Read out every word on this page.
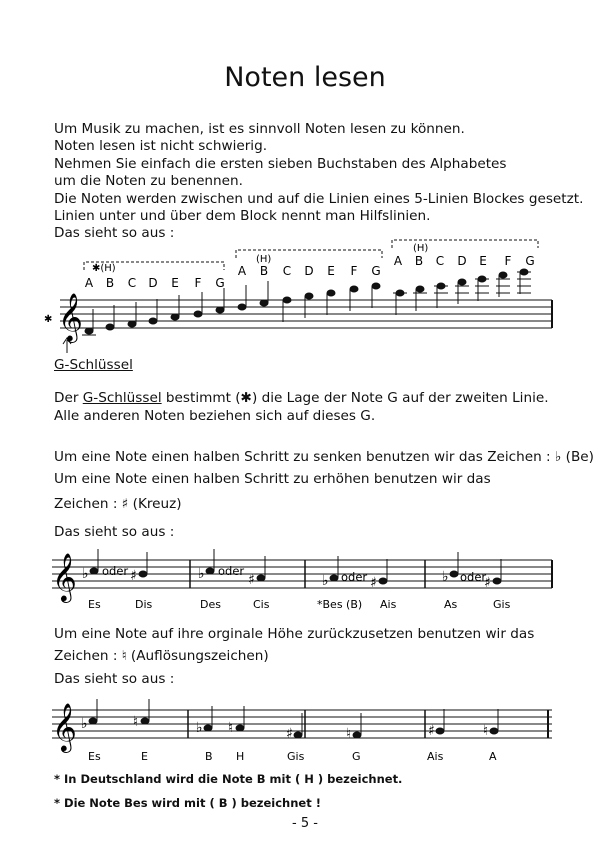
Noten lesen
Um Musik zu machen, ist es sinnvoll Noten lesen zu können.
Noten lesen ist nicht schwierig.
Nehmen Sie einfach die ersten sieben Buchstaben des Alphabetes
um die Noten zu benennen.
Die Noten werden zwischen und auf die Linien eines 5-Linien Blockes gesetzt.
Linien unter und über dem Block nennt man Hilfslinien.
Das sieht so aus :
𝄞
✱
✱(H)
(H)
(H)
A B C D E F G
A B C D E F G
A B C D E F G
G-Schlüssel
Der G-Schlüssel bestimmt (✱) die Lage der Note G auf der zweiten Linie.
Alle anderen Noten beziehen sich auf dieses G.
Um eine Note einen halben Schritt zu senken benutzen wir das Zeichen : ♭ (Be)
Um eine Note einen halben Schritt zu erhöhen benutzen wir das
Zeichen : ♯ (Kreuz)
Das sieht so aus :
𝄞 ♭	♯	♭	♯	♭	♯	♭	♯
oder	oder	oder	oder
Es	Dis	Des	Cis	*Bes (B) Ais	As	Gis
Um eine Note auf ihre orginale Höhe zurückzusetzen benutzen wir das
Zeichen : ♮ (Auflösungszeichen)
Das sieht so aus :
𝄞 ♭	♮	♭ ♮	♯	♮	♯	♮
Es	E	B H	Gis	G	Ais	A
* In Deutschland wird die Note B mit ( H ) bezeichnet.
* Die Note Bes wird mit ( B ) bezeichnet !
- 5 -
